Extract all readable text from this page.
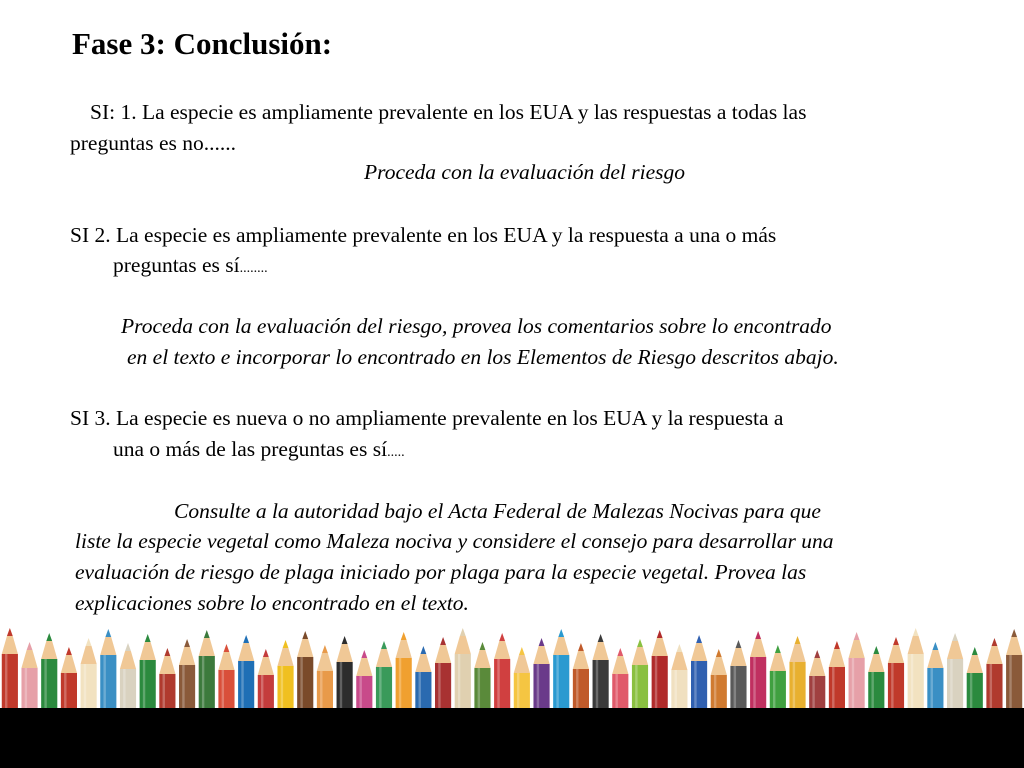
Fase 3: Conclusión:
SI: 1. La especie es ampliamente prevalente en los EUA y las respuestas a todas las
preguntas es no......
Proceda con la evaluación del riesgo
SI 2. La especie es ampliamente prevalente en los EUA y la respuesta a una o más
preguntas es sí........
Proceda con la evaluación del riesgo, provea los comentarios sobre lo encontrado
en el texto e incorporar lo encontrado en los Elementos de Riesgo descritos abajo.
SI 3. La especie es nueva o no ampliamente prevalente en los EUA y la respuesta a
una o más de las preguntas es sí.....
Consulte a la autoridad bajo el Acta Federal de Malezas Nocivas para que
liste la especie vegetal como Maleza nociva y considere el consejo para desarrollar una
evaluación de riesgo de plaga iniciado por plaga para la especie vegetal. Provea las
explicaciones sobre lo encontrado en el texto.
